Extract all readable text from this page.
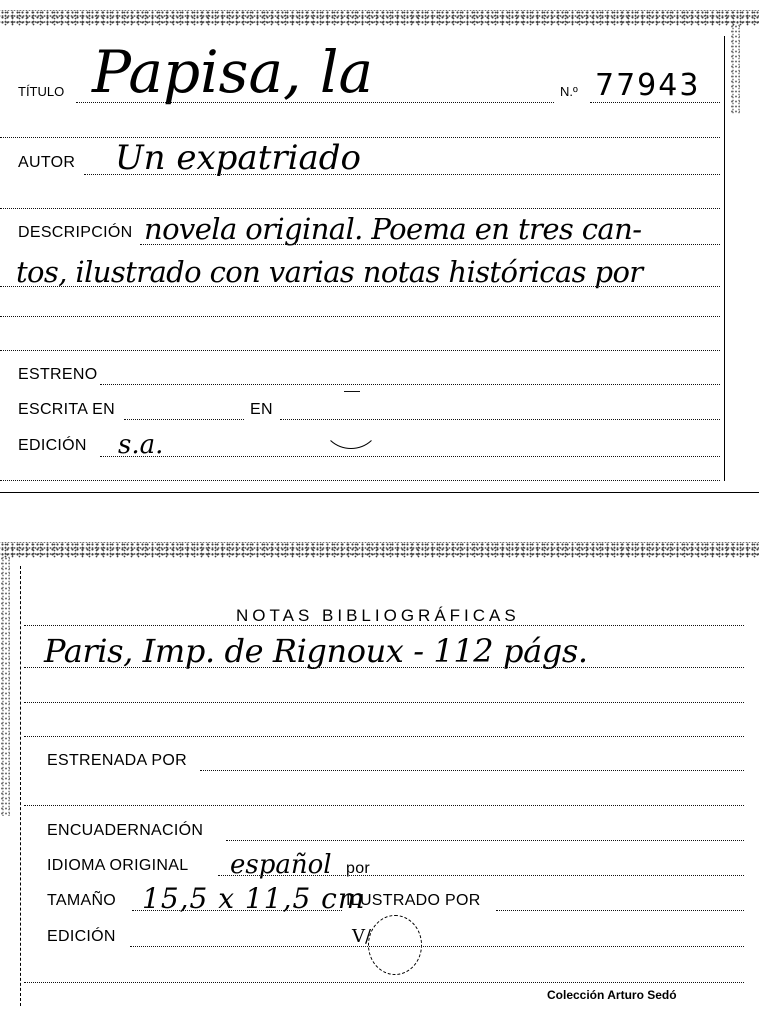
TÍTULO Papisa, la	N.º 77943
AUTOR Un expatriado
DESCRIPCIÓN novela original. Poema en tres can-
tos, ilustrado con varias notas históricas por
ESTRENO
ESCRITA EN	EN
EDICIÓN s.a.
NOTAS BIBLIOGRÁFICAS
Paris, Imp. de Rignoux - 112 págs.
ESTRENADA POR
ENCUADERNACIÓN
IDIOMA ORIGINAL español por
TAMAÑO 15,5 x 11,5 cm
ILUSTRADO POR
EDICIÓN	V/
Colección Arturo Sedó
